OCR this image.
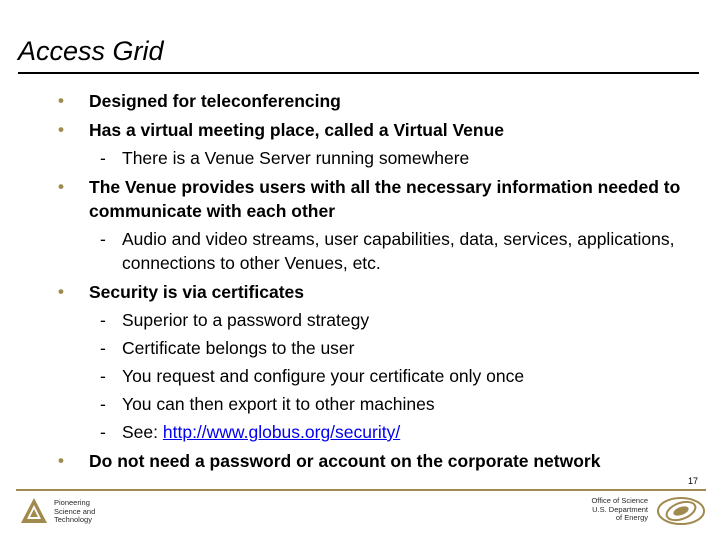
Access Grid
• Designed for teleconferencing
• Has a virtual meeting place, called a Virtual Venue
- There is a Venue Server running somewhere
• The Venue provides users with all the necessary information needed to communicate with each other
- Audio and video streams, user capabilities, data, services, applications, connections to other Venues, etc.
• Security is via certificates
- Superior to a password strategy
- Certificate belongs to the user
- You request and configure your certificate only once
- You can then export it to other machines
- See: http://www.globus.org/security/
• Do not need a password or account on the corporate network
17
Pioneering
Science and
Technology
Office of Science
U.S. Department
of Energy
